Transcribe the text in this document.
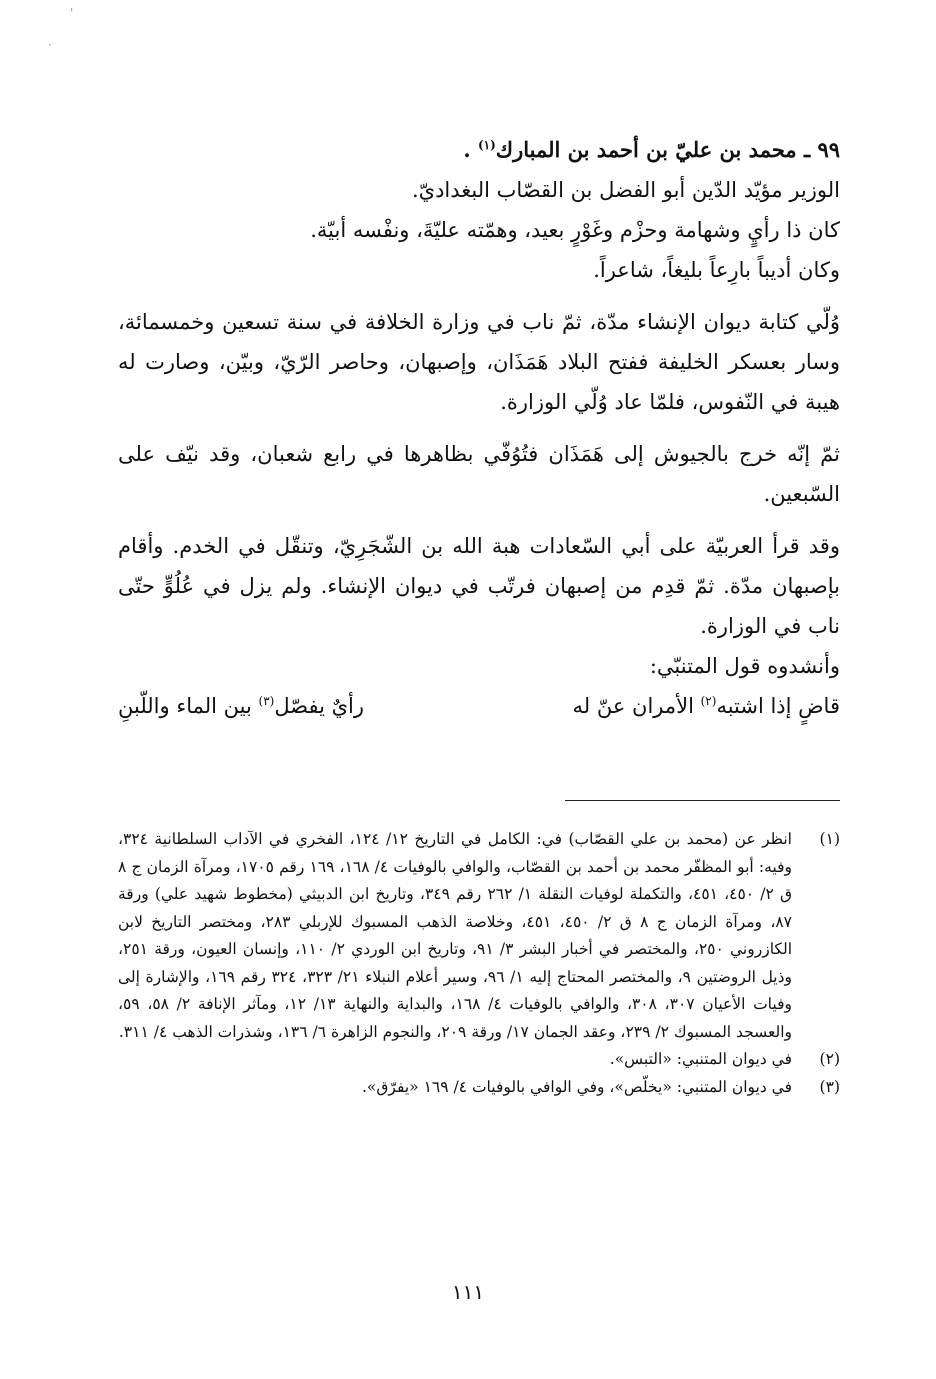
'
·

٩٩ ـ محمد بن عليّ بن أحمد بن المبارك$^{(١)}$ .

الوزير مؤيّد الدّين أبو الفضل بن القصّاب البغداديّ.

كان ذا رأيٍ وشهامة وحزْم وغَوْرٍ بعيد، وهمّته عليّةَ، ونفْسه أبيّة.

وكان أديباً بارِعاً بليغاً، شاعراً.

وُلّي كتابة ديوان الإنشاء مدّة، ثمّ ناب في وزارة الخلافة في سنة تسعين وخمسمائة، وسار بعسكر الخليفة ففتح البلاد هَمَذَان، وإصبهان، وحاصر الرّيّ، وبيّن، وصارت له هيبة في النّفوس، فلمّا عاد وُلّي الوزارة.

ثمّ إنّه خرج بالجيوش إلى هَمَذَان فتُوُفّي بظاهرها في رابع شعبان، وقد نيّف على السّبعين.

وقد قرأ العربيّة على أبي السّعادات هبة الله بن الشّجَرِيّ، وتنقّل في الخدم. وأقام بإصبهان مدّة. ثمّ قدِم من إصبهان فرتّب في ديوان الإنشاء. ولم يزل في عُلُوٍّ حتّى ناب في الوزارة.

وأنشدوه قول المتنبّي:

قاضٍ إذا اشتبه$^{(٢)}$ الأمران عنّ له
رأيٌ يفصّل$^{(٣)}$ بين الماء واللّبنِ
(١)
انظر عن (محمد بن علي القصّاب) في: الكامل في التاريخ ١٢/ ١٢٤، الفخري في الآداب السلطانية ٣٢٤، وفيه: أبو المظفّر محمد بن أحمد بن القصّاب، والوافي بالوفيات ٤/ ١٦٨، ١٦٩ رقم ١٧٠٥، ومرآة الزمان ج ٨ ق ٢/ ٤٥٠، ٤٥١، والتكملة لوفيات النقلة ١/ ٢٦٢ رقم ٣٤٩، وتاريخ ابن الدبيثي (مخطوط شهيد علي) ورقة ٨٧، ومرآة الزمان ج ٨ ق ٢/ ٤٥٠، ٤٥١، وخلاصة الذهب المسبوك للإربلي ٢٨٣، ومختصر التاريخ لابن الكازروني ٢٥٠، والمختصر في أخبار البشر ٣/ ٩١، وتاريخ ابن الوردي ٢/ ١١٠، وإنسان العيون، ورقة ٢٥١، وذيل الروضتين ٩، والمختصر المحتاج إليه ١/ ٩٦، وسير أعلام النبلاء ٢١/ ٣٢٣، ٣٢٤ رقم ١٦٩، والإشارة إلى وفيات الأعيان ٣٠٧، ٣٠٨، والوافي بالوفيات ٤/ ١٦٨، والبداية والنهاية ١٣/ ١٢، ومآثر الإنافة ٢/ ٥٨، ٥٩، والعسجد المسبوك ٢/ ٢٣٩، وعقد الجمان ١٧/ ورقة ٢٠٩، والنجوم الزاهرة ٦/ ١٣٦، وشذرات الذهب ٤/ ٣١١.
(٢)
في ديوان المتنبي: «التبس».
(٣)
في ديوان المتنبي: «يخلّص»، وفي الوافي بالوفيات ٤/ ١٦٩ «يفرّق».
١١١
